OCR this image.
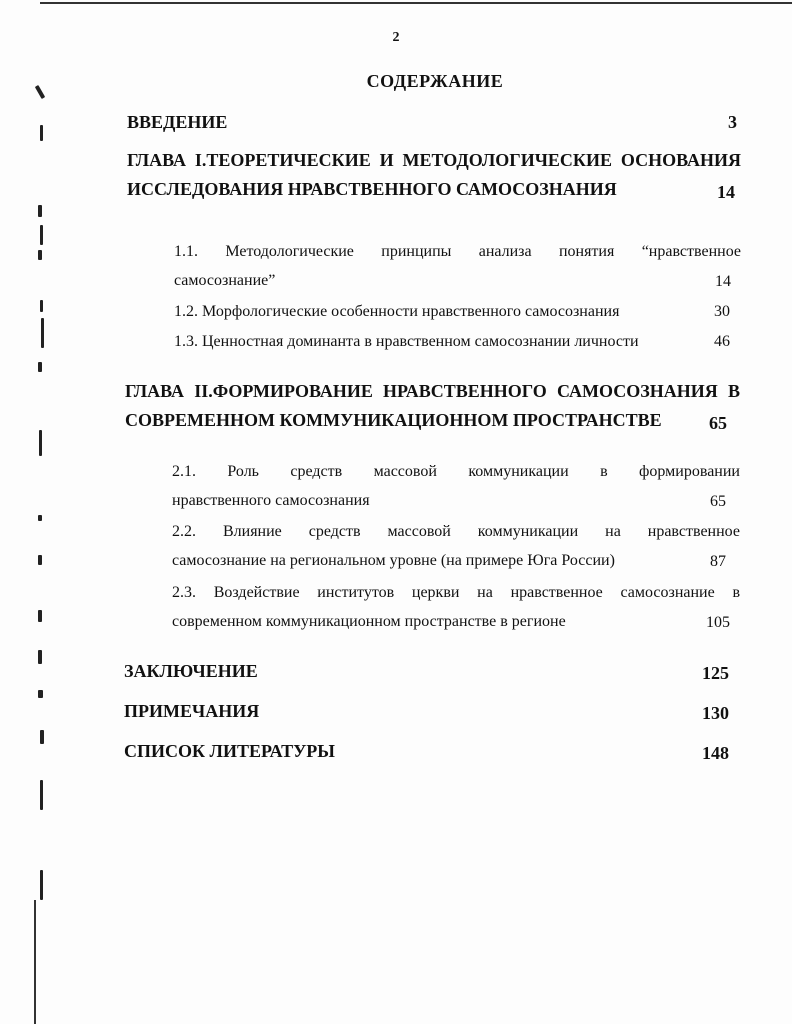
2
СОДЕРЖАНИЕ
ВВЕДЕНИЕ	3
ГЛАВА I.ТЕОРЕТИЧЕСКИЕ И МЕТОДОЛОГИЧЕСКИЕ ОСНОВАНИЯ
ИССЛЕДОВАНИЯ НРАВСТВЕННОГО САМОСОЗНАНИЯ	14
1.1. Методологические принципы анализа понятия “нравственное
самосознание”	14
1.2. Морфологические особенности нравственного самосознания	30
1.3. Ценностная доминанта в нравственном самосознании личности	46
ГЛАВА II.ФОРМИРОВАНИЕ НРАВСТВЕННОГО САМОСОЗНАНИЯ В
СОВРЕМЕННОМ КОММУНИКАЦИОННОМ ПРОСТРАНСТВЕ	65
2.1. Роль средств массовой коммуникации в формировании
нравственного самосознания	65
2.2. Влияние средств массовой коммуникации на нравственное
самосознание на региональном уровне (на примере Юга России)	87
2.3. Воздействие институтов церкви на нравственное самосознание в
современном коммуникационном пространстве в регионе	105
ЗАКЛЮЧЕНИЕ	125
ПРИМЕЧАНИЯ	130
СПИСОК ЛИТЕРАТУРЫ	148
